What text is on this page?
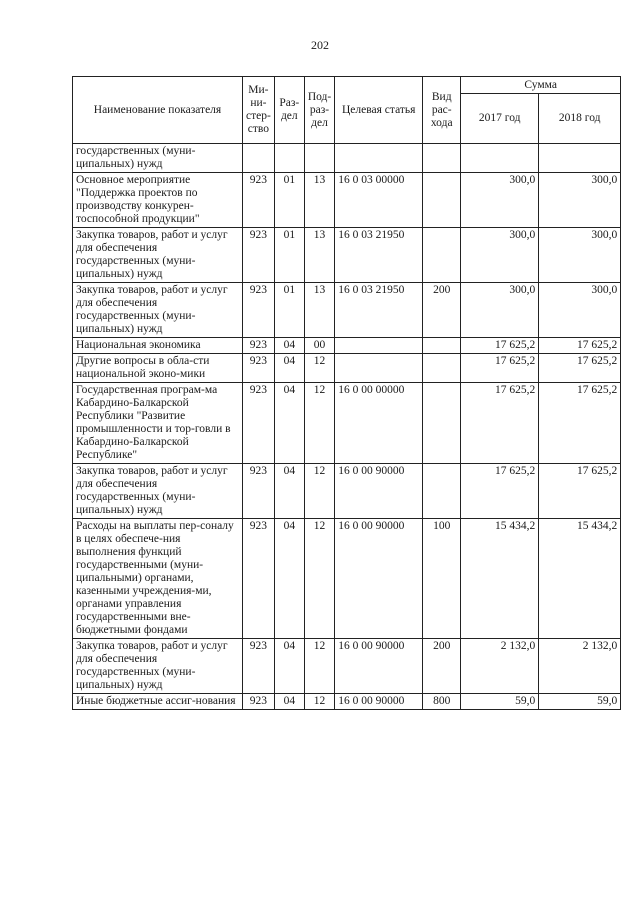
202
Наименование показателя	Ми-ни-стер-ство	Раз-дел	Под-раз-дел	Целевая статья	Вид рас-хода	Сумма	
						2017 год	2018 год
государственных (муни-ципальных) нужд							
Основное мероприятие "Поддержка проектов по производству конкурен-тоспособной продукции"	923	01	13	16 0 03 00000		300,0	300,0
Закупка товаров, работ и услуг для обеспечения государственных (муни-ципальных) нужд	923	01	13	16 0 03 21950		300,0	300,0
Закупка товаров, работ и услуг для обеспечения государственных (муни-ципальных) нужд	923	01	13	16 0 03 21950	200	300,0	300,0
Национальная экономика	923	04	00			17 625,2	17 625,2
Другие вопросы в обла-сти национальной эконо-мики	923	04	12			17 625,2	17 625,2
Государственная програм-ма Кабардино-Балкарской Республики "Развитие промышленности и тор-говли в Кабардино-Балкарской Республике"	923	04	12	16 0 00 00000		17 625,2	17 625,2
Закупка товаров, работ и услуг для обеспечения государственных (муни-ципальных) нужд	923	04	12	16 0 00 90000		17 625,2	17 625,2
Расходы на выплаты пер-соналу в целях обеспече-ния выполнения функций государственными (муни-ципальными) органами, казенными учреждения-ми, органами управления государственными вне-бюджетными фондами	923	04	12	16 0 00 90000	100	15 434,2	15 434,2
Закупка товаров, работ и услуг для обеспечения государственных (муни-ципальных) нужд	923	04	12	16 0 00 90000	200	2 132,0	2 132,0
Иные бюджетные ассиг-нования	923	04	12	16 0 00 90000	800	59,0	59,0
